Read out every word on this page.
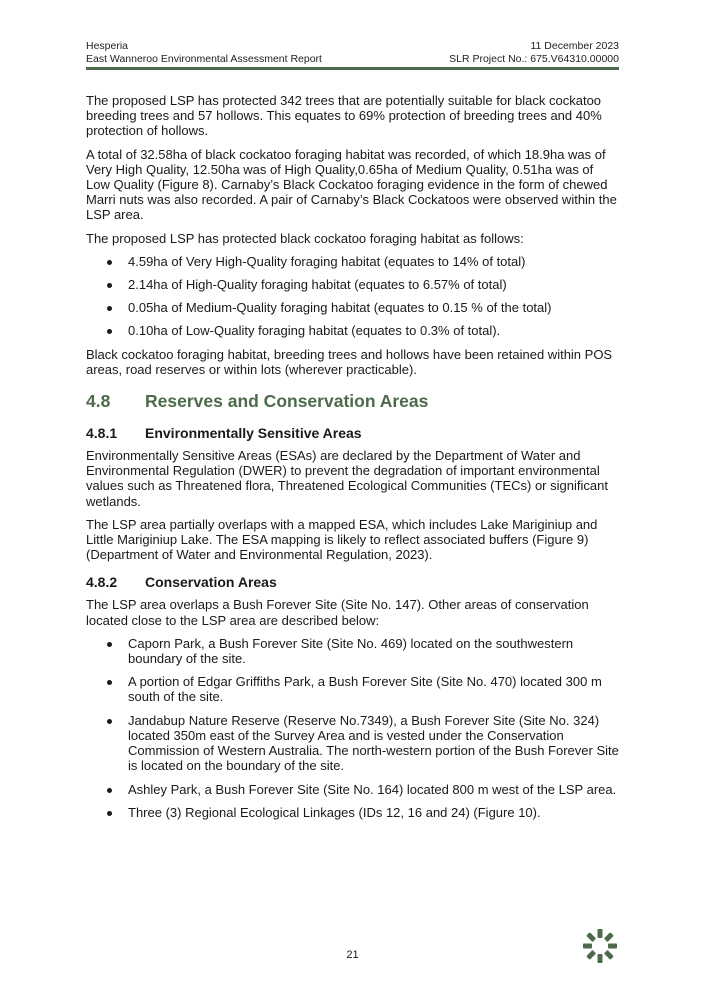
Hesperia	11 December 2023
East Wanneroo Environmental Assessment Report	SLR Project No.: 675.V64310.00000

The proposed LSP has protected 342 trees that are potentially suitable for black cockatoo breeding trees and 57 hollows. This equates to 69% protection of breeding trees and 40% protection of hollows.

A total of 32.58ha of black cockatoo foraging habitat was recorded, of which 18.9ha was of Very High Quality, 12.50ha was of High Quality,0.65ha of Medium Quality, 0.51ha was of Low Quality (Figure 8). Carnaby’s Black Cockatoo foraging evidence in the form of chewed Marri nuts was also recorded. A pair of Carnaby’s Black Cockatoos were observed within the LSP area.

The proposed LSP has protected black cockatoo foraging habitat as follows:

4.59ha of Very High-Quality foraging habitat (equates to 14% of total)
2.14ha of High-Quality foraging habitat (equates to 6.57% of total)
0.05ha of Medium-Quality foraging habitat (equates to 0.15 % of the total)
0.10ha of Low-Quality foraging habitat (equates to 0.3% of total).

Black cockatoo foraging habitat, breeding trees and hollows have been retained within POS areas, road reserves or within lots (wherever practicable).

4.8	Reserves and Conservation Areas
4.8.1	Environmentally Sensitive Areas

Environmentally Sensitive Areas (ESAs) are declared by the Department of Water and Environmental Regulation (DWER) to prevent the degradation of important environmental values such as Threatened flora, Threatened Ecological Communities (TECs) or significant wetlands.

The LSP area partially overlaps with a mapped ESA, which includes Lake Mariginiup and Little Mariginiup Lake. The ESA mapping is likely to reflect associated buffers (Figure 9) (Department of Water and Environmental Regulation, 2023).

4.8.2	Conservation Areas

The LSP area overlaps a Bush Forever Site (Site No. 147). Other areas of conservation located close to the LSP area are described below:

Caporn Park, a Bush Forever Site (Site No. 469) located on the southwestern boundary of the site.
A portion of Edgar Griffiths Park, a Bush Forever Site (Site No. 470) located 300 m south of the site.
Jandabup Nature Reserve (Reserve No.7349), a Bush Forever Site (Site No. 324) located 350m east of the Survey Area and is vested under the Conservation Commission of Western Australia. The north-western portion of the Bush Forever Site is located on the boundary of the site.
Ashley Park, a Bush Forever Site (Site No. 164) located 800 m west of the LSP area.
Three (3) Regional Ecological Linkages (IDs 12, 16 and 24) (Figure 10).
21
